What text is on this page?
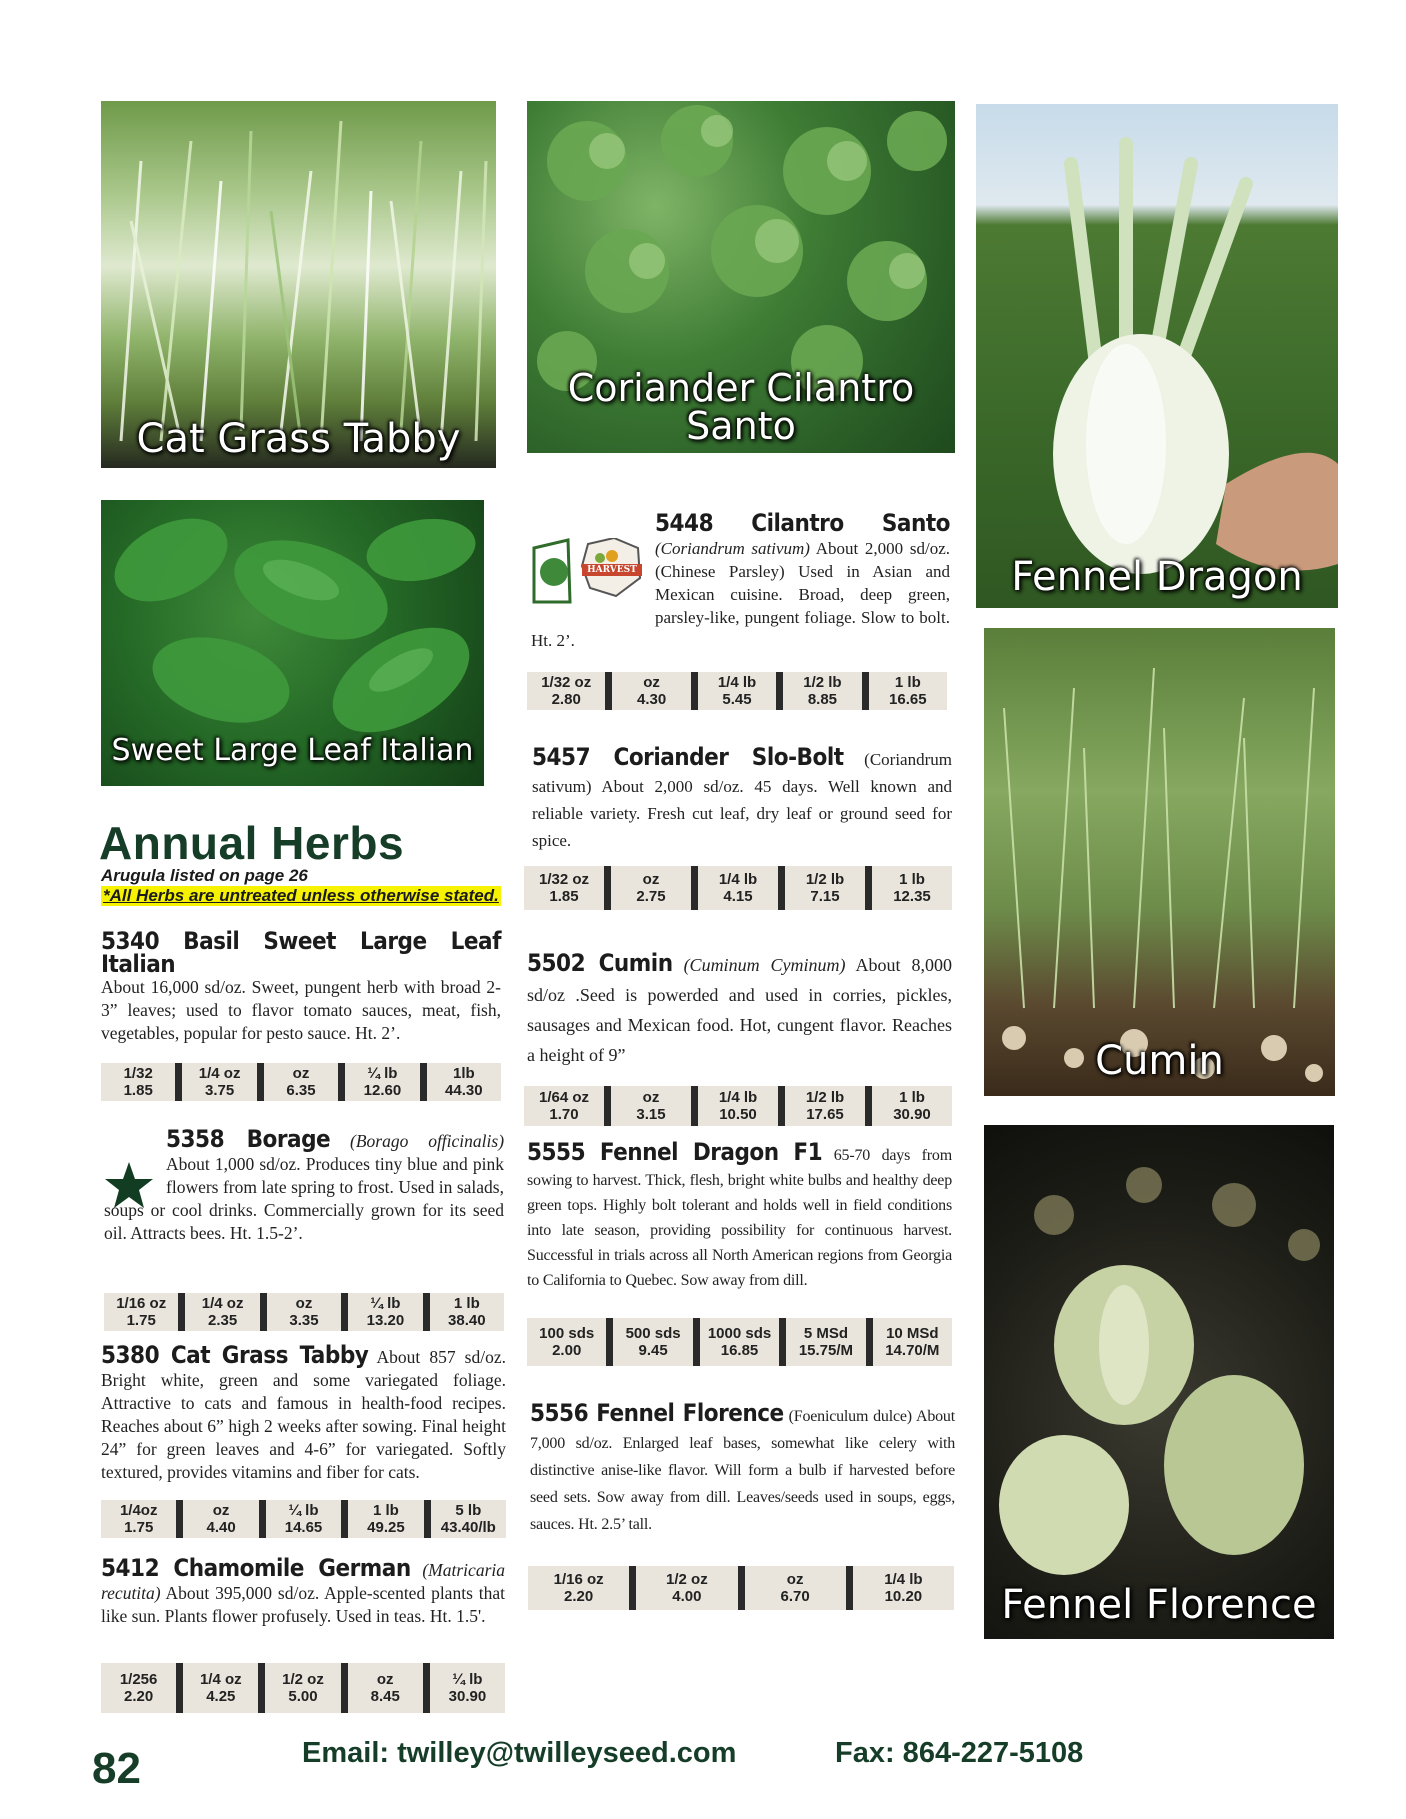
Cat Grass Tabby
Coriander Cilantro
Santo
Fennel Dragon
Sweet Large Leaf Italian
Cumin
Fennel Florence
Annual Herbs
Arugula listed on page 26
*All Herbs are untreated unless otherwise stated.
5340 Basil Sweet Large Leaf Italian
About 16,000 sd/oz. Sweet, pungent herb with broad 2-3” leaves; used to flavor tomato sauces, meat, fish, vegetables, popular for pesto sauce. Ht. 2’.
1/32
1.85
1/4 oz
3.75
oz
6.35
¼ lb
12.60
1lb
44.30
5358 Borage (Borago officinalis) About 1,000 sd/oz. Produces tiny blue and pink flowers from late spring to frost. Used in salads, soups or cool drinks. Commercially grown for its seed oil. Attracts bees. Ht. 1.5-2’.
1/16 oz
1.75
1/4 oz
2.35
oz
3.35
¼ lb
13.20
1 lb
38.40
5380 Cat Grass Tabby About 857 sd/oz. Bright white, green and some variegated foliage. Attractive to cats and famous in health-food recipes. Reaches about 6” high 2 weeks after sowing. Final height 24” for green leaves and 4-6” for variegated. Softly textured, provides vitamins and fiber for cats.
1/4oz
1.75
oz
4.40
¼ lb
14.65
1 lb
49.25
5 lb
43.40/lb
5412 Chamomile German (Matricaria recutita) About 395,000 sd/oz. Apple-scented plants that like sun. Plants flower profusely. Used in teas. Ht. 1.5'.
1/256
2.20
1/4 oz
4.25
1/2 oz
5.00
oz
8.45
¼ lb
30.90
HARVEST
5448 Cilantro Santo (Coriandrum sativum) About 2,000 sd/oz. (Chinese Parsley) Used in Asian and Mexican cuisine. Broad, deep green, parsley-like, pungent foliage. Slow to bolt. Ht. 2’.
1/32 oz
2.80
oz
4.30
1/4 lb
5.45
1/2 lb
8.85
1 lb
16.65
5457 Coriander Slo-Bolt (Coriandrum sativum) About 2,000 sd/oz. 45 days. Well known and reliable variety. Fresh cut leaf, dry leaf or ground seed for spice.
1/32 oz
1.85
oz
2.75
1/4 lb
4.15
1/2 lb
7.15
1 lb
12.35
5502 Cumin (Cuminum Cyminum) About 8,000 sd/oz .Seed is powerded and used in corries, pickles, sausages and Mexican food. Hot, cungent flavor. Reaches a height of 9”
1/64 oz
1.70
oz
3.15
1/4 lb
10.50
1/2 lb
17.65
1 lb
30.90
5555 Fennel Dragon F1 65-70 days from sowing to harvest. Thick, flesh, bright white bulbs and healthy deep green tops. Highly bolt tolerant and holds well in field conditions into late season, providing possibility for continuous harvest. Successful in trials across all North American regions from Georgia to California to Quebec. Sow away from dill.
100 sds
2.00
500 sds
9.45
1000 sds
16.85
5 MSd
15.75/M
10 MSd
14.70/M
5556 Fennel Florence (Foeniculum dulce) About 7,000 sd/oz. Enlarged leaf bases, somewhat like celery with distinctive anise-like flavor. Will form a bulb if harvested before seed sets. Sow away from dill. Leaves/seeds used in soups, eggs, sauces. Ht. 2.5’ tall.
1/16 oz
2.20
1/2 oz
4.00
oz
6.70
1/4 lb
10.20
82	Email: twilley@twilleyseed.com	Fax: 864-227-5108
